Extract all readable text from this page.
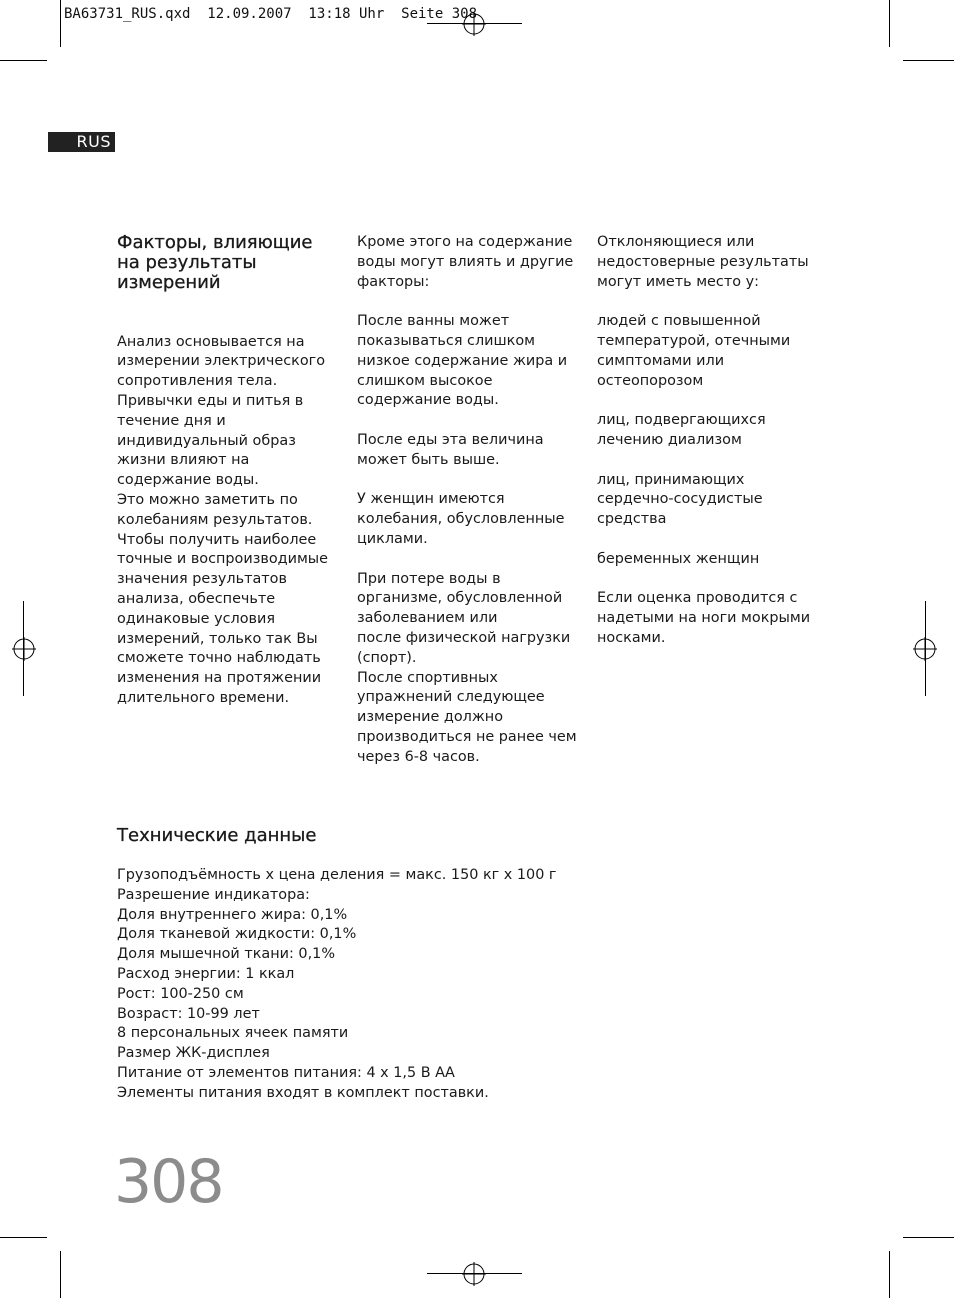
BA63731_RUS.qxd  12.09.2007  13:18 Uhr  Seite 308
RUS
Факторы, влияющие
на результаты
измерений

Анализ основывается на
измерении электрического
сопротивления тела.
Привычки еды и питья в
течение дня и
индивидуальный образ
жизни влияют на
содержание воды.
Это можно заметить по
колебаниям результатов.
Чтобы получить наиболее
точные и воспроизводимые
значения результатов
анализа, обеспечьте
одинаковые условия
измерений, только так Вы
сможете точно наблюдать
изменения на протяжении
длительного времени.

Кроме этого на содержание
воды могут влиять и другие
факторы:

После ванны может
показываться слишком
низкое содержание жира и
слишком высокое
содержание воды.

После еды эта величина
может быть выше.

У женщин имеются
колебания, обусловленные
циклами.

При потере воды в
организме, обусловленной
заболеванием или
после физической нагрузки
(спорт).
После спортивных
упражнений следующее
измерение должно
производиться не ранее чем
через 6-8 часов.

Отклоняющиеся или
недостоверные результаты
могут иметь место у:

людей с повышенной
температурой, отечными
симптомами или
остеопорозом

лиц, подвергающихся
лечению диализом

лиц, принимающих
сердечно-сосудистые
средства

беременных женщин

Если оценка проводится с
надетыми на ноги мокрыми
носками.

Технические данные
Грузоподъёмность x цена деления = макс. 150 кг x 100 г
Разрешение индикатора:
Доля внутреннего жира: 0,1%
Доля тканевой жидкости: 0,1%
Доля мышечной ткани: 0,1%
Расход энергии: 1 ккал
Рост: 100-250 см
Возраст: 10-99 лет
8 персональных ячеек памяти
Размер ЖК-дисплея
Питание от элементов питания: 4 x 1,5 В АА
Элементы питания входят в комплект поставки.
308
